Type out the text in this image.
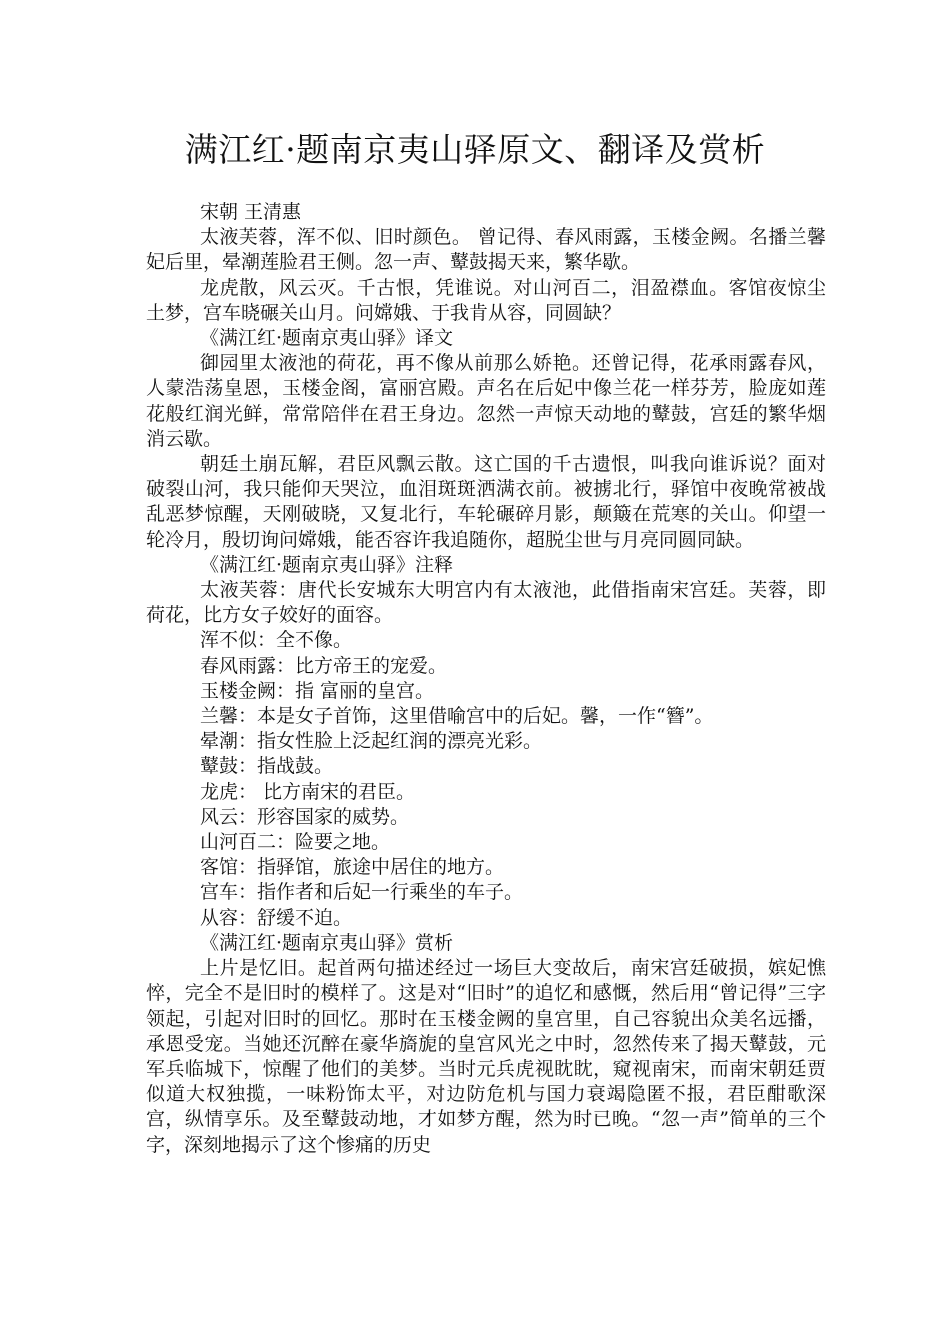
满江红·题南京夷山驿原文、翻译及赏析

宋朝 王清惠

太液芙蓉，浑不似、旧时颜色。 曾记得、春风雨露，玉楼金阙。名播兰馨妃后里，晕潮莲脸君王侧。忽一声、鼙鼓揭天来，繁华歇。

龙虎散，风云灭。千古恨，凭谁说。对山河百二，泪盈襟血。客馆夜惊尘土梦，宫车晓碾关山月。问嫦娥、于我肯从容，同圆缺？

《满江红·题南京夷山驿》译文

御园里太液池的荷花，再不像从前那么娇艳。还曾记得，花承雨露春风，人蒙浩荡皇恩，玉楼金阁，富丽宫殿。声名在后妃中像兰花一样芬芳，脸庞如莲花般红润光鲜，常常陪伴在君王身边。忽然一声惊天动地的鼙鼓，宫廷的繁华烟消云歇。

朝廷土崩瓦解，君臣风飘云散。这亡国的千古遗恨，叫我向谁诉说？面对破裂山河，我只能仰天哭泣，血泪斑斑洒满衣前。被掳北行，驿馆中夜晚常被战乱恶梦惊醒，天刚破晓，又复北行，车轮碾碎月影，颠簸在荒寒的关山。仰望一轮冷月，殷切询问嫦娥，能否容许我追随你，超脱尘世与月亮同圆同缺。

《满江红·题南京夷山驿》注释

太液芙蓉：唐代长安城东大明宫内有太液池，此借指南宋宫廷。芙蓉，即荷花，比方女子姣好的面容。

浑不似：全不像。

春风雨露：比方帝王的宠爱。

玉楼金阙：指 富丽的皇宫。

兰馨：本是女子首饰，这里借喻宫中的后妃。馨，一作“簪”。

晕潮：指女性脸上泛起红润的漂亮光彩。

鼙鼓：指战鼓。

龙虎： 比方南宋的君臣。

风云：形容国家的威势。

山河百二：险要之地。

客馆：指驿馆，旅途中居住的地方。

宫车：指作者和后妃一行乘坐的车子。

从容：舒缓不迫。

《满江红·题南京夷山驿》赏析

上片是忆旧。起首两句描述经过一场巨大变故后，南宋宫廷破损，嫔妃憔悴，完全不是旧时的模样了。这是对“旧时”的追忆和感慨，然后用“曾记得”三字领起，引起对旧时的回忆。那时在玉楼金阙的皇宫里，自己容貌出众美名远播，承恩受宠。当她还沉醉在豪华旖旎的皇宫风光之中时，忽然传来了揭天鼙鼓，元军兵临城下，惊醒了他们的美梦。当时元兵虎视眈眈，窥视南宋，而南宋朝廷贾似道大权独揽，一味粉饰太平，对边防危机与国力衰竭隐匿不报，君臣酣歌深宫，纵情享乐。及至鼙鼓动地，才如梦方醒，然为时已晚。“忽一声”简单的三个字，深刻地揭示了这个惨痛的历史
